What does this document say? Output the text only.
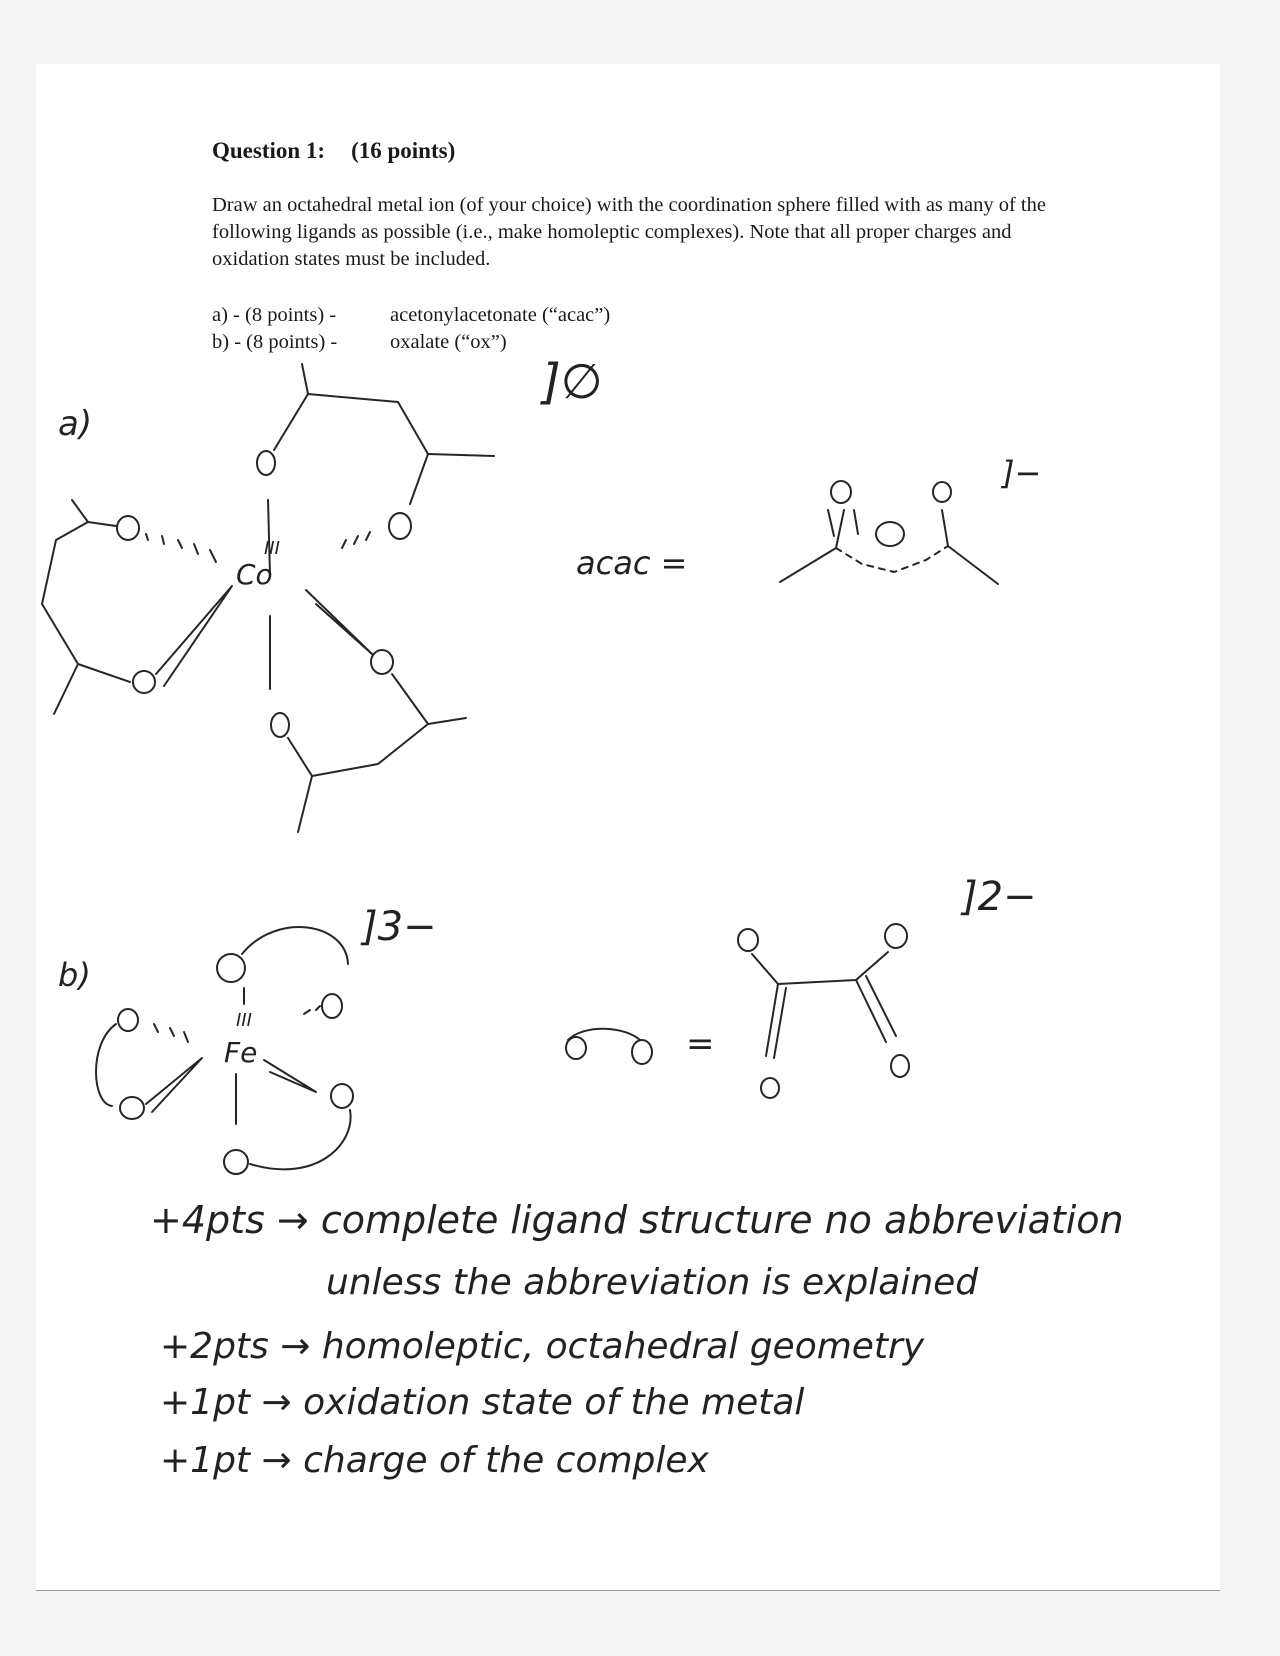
Question 1: (16 points)
Draw an octahedral metal ion (of your choice) with the coordination sphere filled with as many of the following ligands as possible (i.e., make homoleptic complexes). Note that all proper charges and oxidation states must be included.
a) - (8 points) -	acetonylacetonate (“acac”)
b) - (8 points) -	oxalate (“ox”)
a)
]∅
Co
III	acac =
]−
b)
]3−
Fe
III
]2−
=
+4pts → complete ligand structure no abbreviation
unless the abbreviation is explained
+2pts → homoleptic, octahedral geometry
+1pt → oxidation state of the metal
+1pt → charge of the complex
